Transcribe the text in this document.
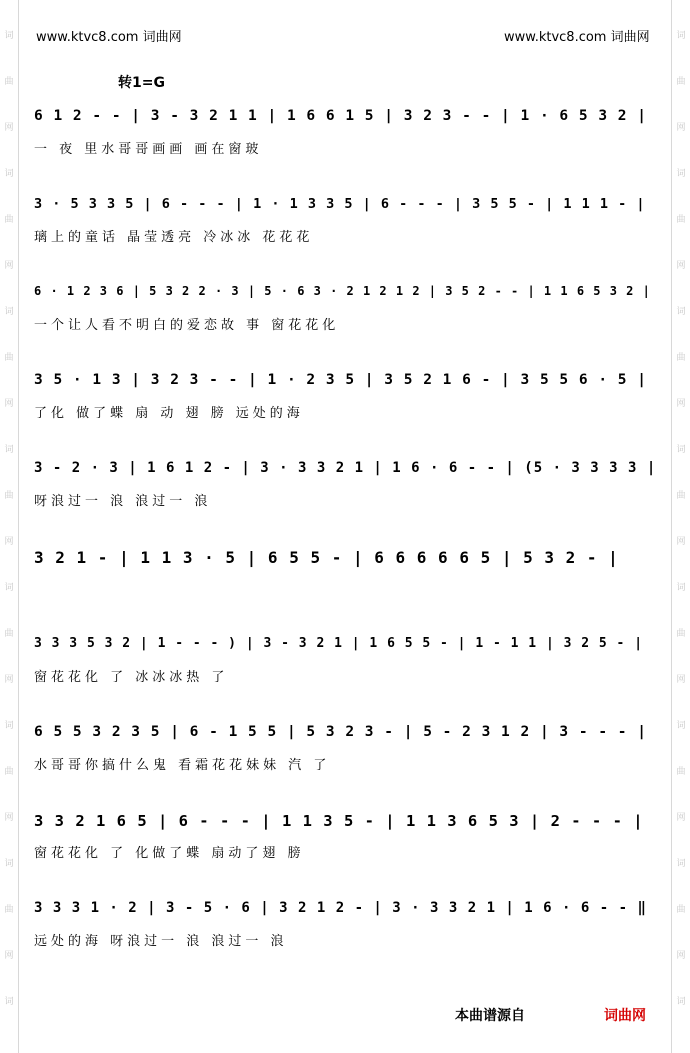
词
曲
网
词
曲
网
词
曲
网
词
曲
网
词
曲
网
词
曲
网
词
曲
网
词
词
曲
网
词
曲
网
词
曲
网
词
曲
网
词
曲
网
词
曲
网
词
曲
网
词
www.ktvc8.com 词曲网	www.ktvc8.com 词曲网
转1=G
6 1 2 - - | 3 - 3 2 1 1 | 1 6 6 1 5 | 3 2 3 - - | 1 · 6 5 3 2 |
一 夜 里水哥哥画画 画在窗玻
3 · 5 3 3 5 | 6 - - - | 1 · 1 3 3 5 | 6 - - - | 3 5 5 - | 1 1 1 - |
璃上的童话 晶莹透亮 冷冰冰 花花花
6 · 1 2 3 6 | 5 3 2 2 · 3 | 5 · 6 3 · 2 1 2 1 2 | 3 5 2 - - | 1 1 6 5 3 2 |
一个让人看不明白的爱恋故 事 窗花花化
3 5 · 1 3 | 3 2 3 - - | 1 · 2 3 5 | 3 5 2 1 6 - | 3 5 5 6 · 5 |
了化 做了蝶 扇 动 翅 膀 远处的海
3 - 2 · 3 | 1 6 1 2 - | 3 · 3 3 2 1 | 1 6 · 6 - - | (5 · 3 3 3 3 |
呀浪过一 浪 浪过一 浪
3 2 1 - | 1 1 3 · 5 | 6 5 5 - | 6 6 6 6 6 5 | 5 3 2 - |
3 3 3 5 3 2 | 1 - - - ) | 3 - 3 2 1 | 1 6 5 5 - | 1 - 1 1 | 3 2 5 - |
窗花花化 了 冰冰冰热 了
6 5 5 3 2 3 5 | 6 - 1 5 5 | 5 3 2 3 - | 5 - 2 3 1 2 | 3 - - - |
水哥哥你搞什么鬼 看霜花花妹妹 汽 了
3 3 2 1 6 5 | 6 - - - | 1 1 3 5 - | 1 1 3 6 5 3 | 2 - - - |
窗花花化 了 化做了蝶 扇动了翅 膀
3 3 3 1 · 2 | 3 - 5 · 6 | 3 2 1 2 - | 3 · 3 3 2 1 | 1 6 · 6 - - ‖
远处的海 呀浪过一 浪 浪过一 浪
本曲谱源自	词曲网
